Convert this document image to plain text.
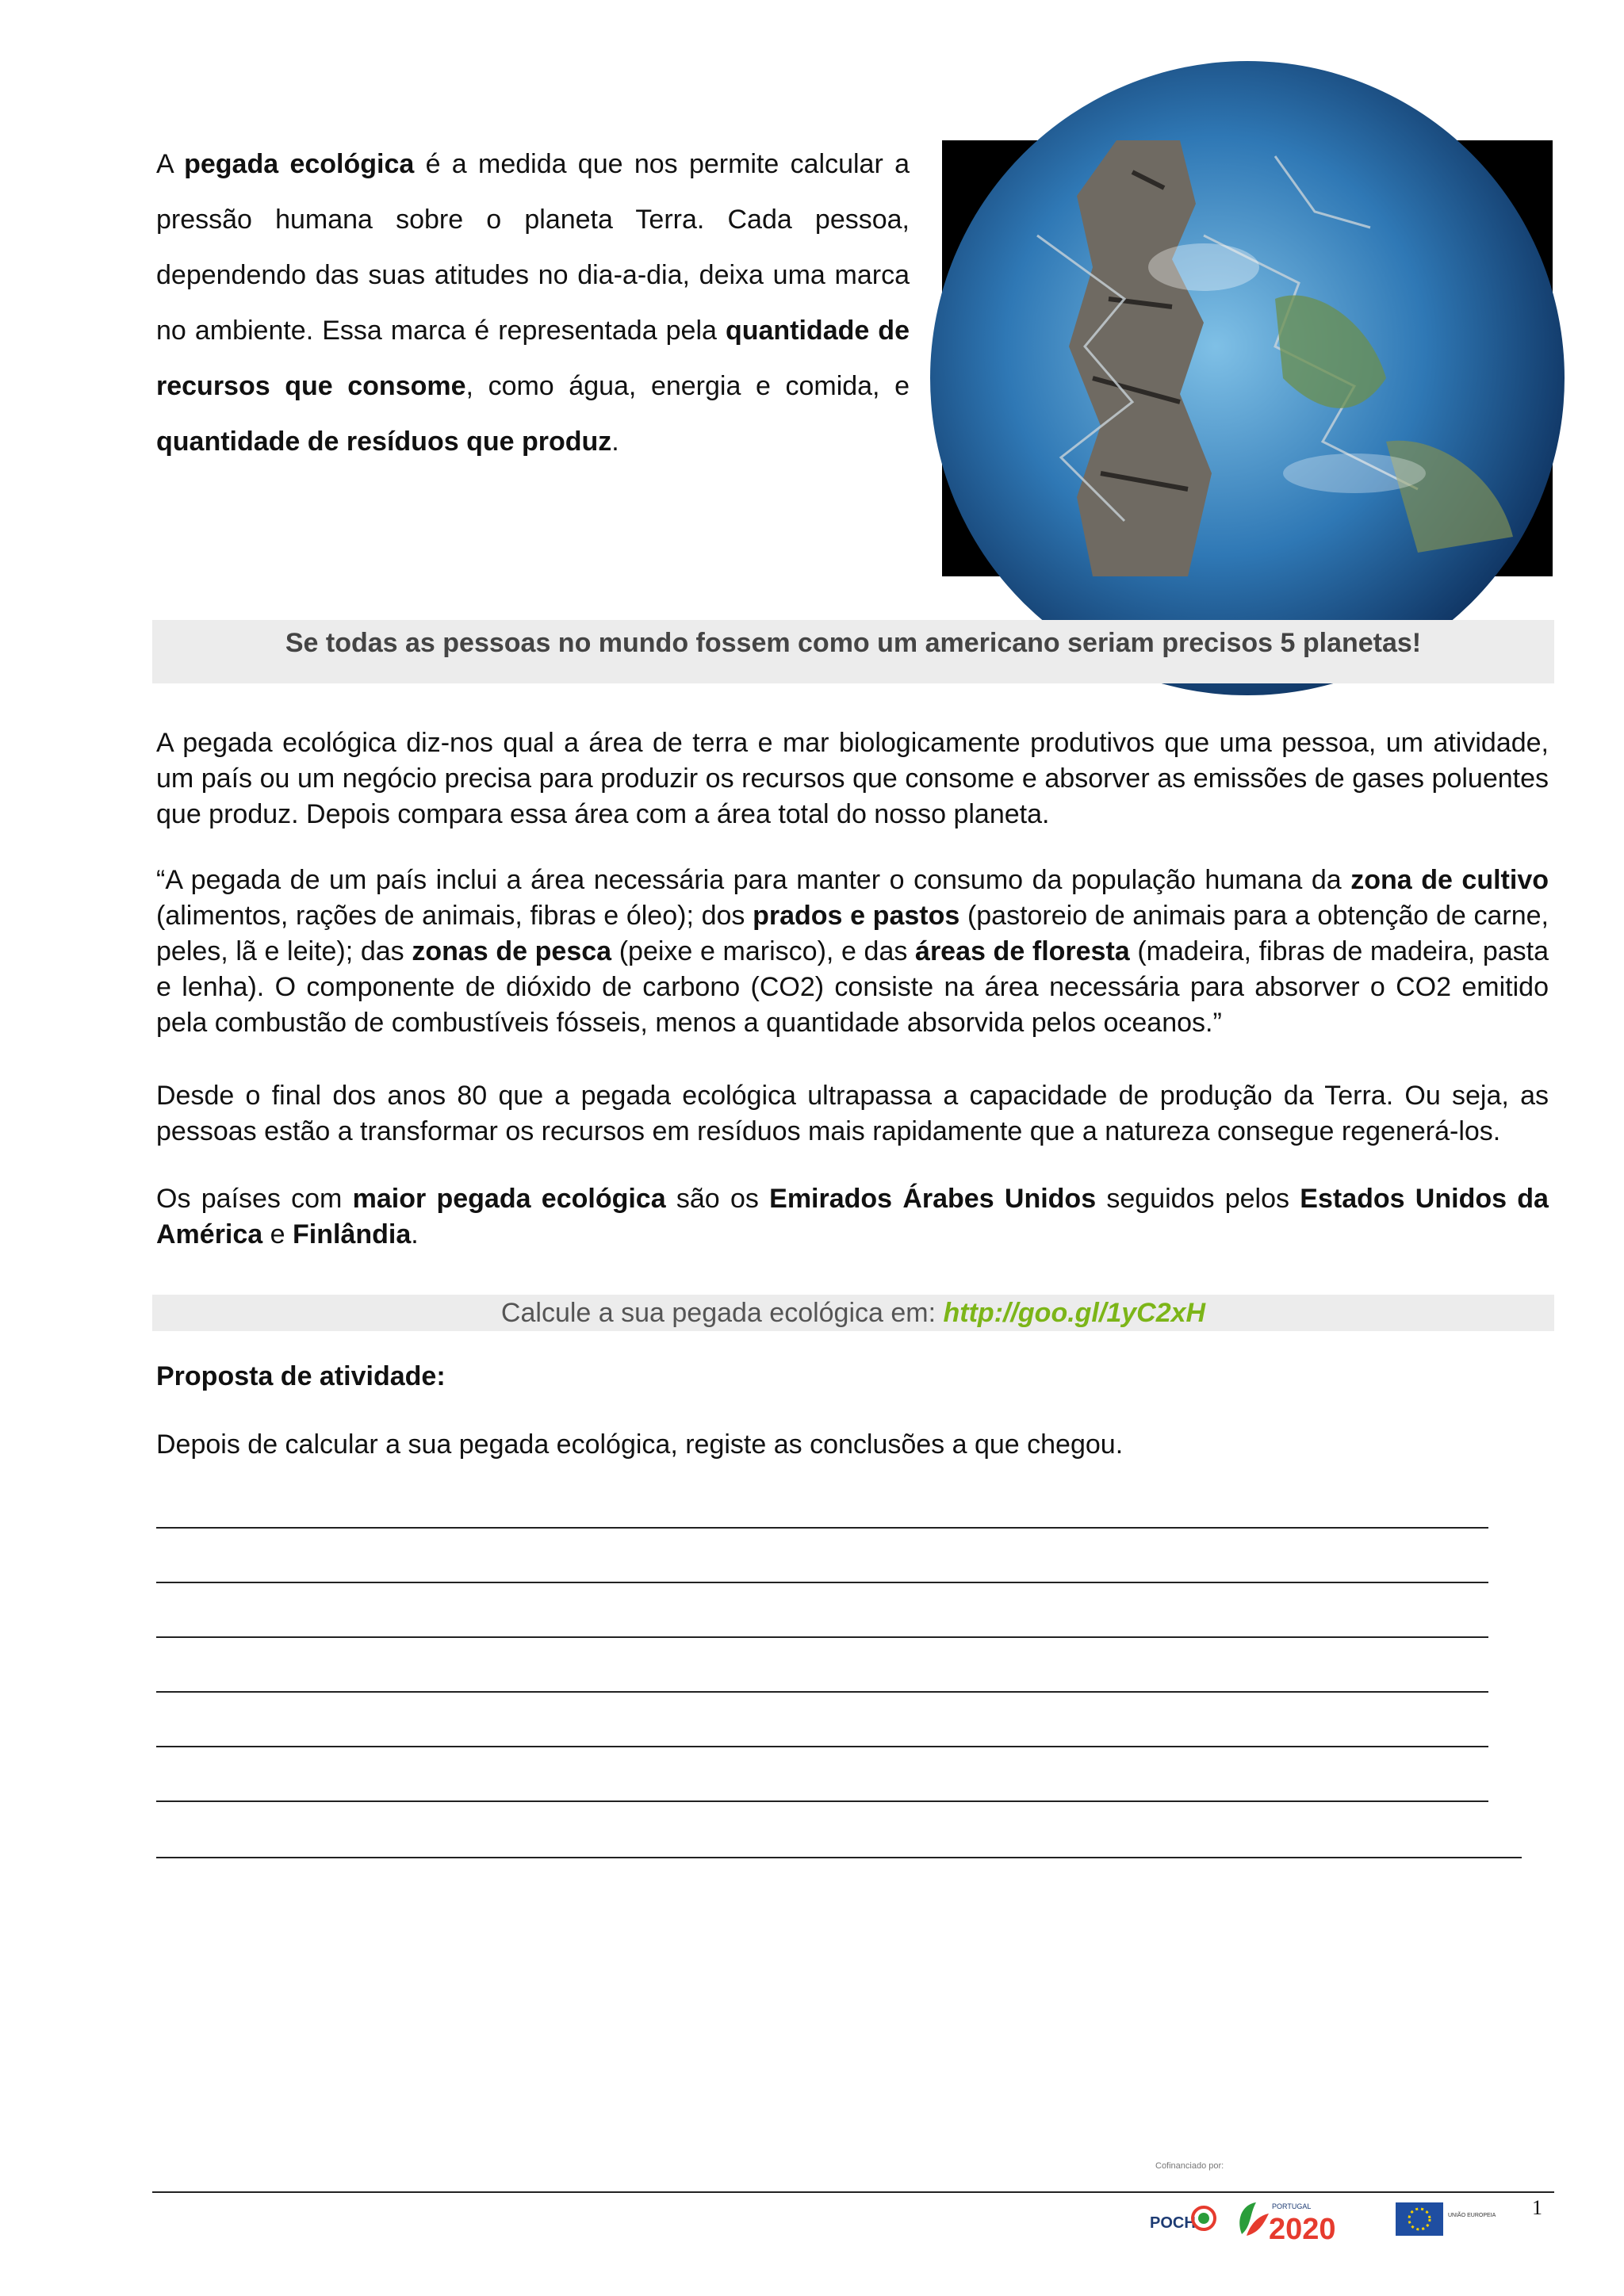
A pegada ecológica é a medida que nos permite calcular a pressão humana sobre o planeta Terra. Cada pessoa, dependendo das suas atitudes no dia-a-dia, deixa uma marca no ambiente. Essa marca é representada pela quantidade de recursos que consome, como água, energia e comida, e quantidade de resíduos que produz.

Se todas as pessoas no mundo fossem como um americano seriam precisos 5 planetas!

A pegada ecológica diz-nos qual a área de terra e mar biologicamente produtivos que uma pessoa, um atividade, um país ou um negócio precisa para produzir os recursos que consome e absorver as emissões de gases poluentes que produz. Depois compara essa área com a área total do nosso planeta.

“A pegada de um país inclui a área necessária para manter o consumo da população humana da zona de cultivo (alimentos, rações de animais, fibras e óleo); dos prados e pastos (pastoreio de animais para a obtenção de carne, peles, lã e leite); das zonas de pesca (peixe e marisco), e das áreas de floresta (madeira, fibras de madeira, pasta e lenha). O componente de dióxido de carbono (CO2) consiste na área necessária para absorver o CO2 emitido pela combustão de combustíveis fósseis, menos a quantidade absorvida pelos oceanos.”

Desde o final dos anos 80 que a pegada ecológica ultrapassa a capacidade de produção da Terra. Ou seja, as pessoas estão a transformar os recursos em resíduos mais rapidamente que a natureza consegue regenerá-los.

Os países com maior pegada ecológica são os Emirados Árabes Unidos seguidos pelos Estados Unidos da América e Finlândia.

Calcule a sua pegada ecológica em: http://goo.gl/1yC2xH
Proposta de atividade:
Depois de calcular a sua pegada ecológica, registe as conclusões a que chegou.
Cofinanciado por:
POCH
PORTUGAL
2020	UNIÃO EUROPEIA 1
